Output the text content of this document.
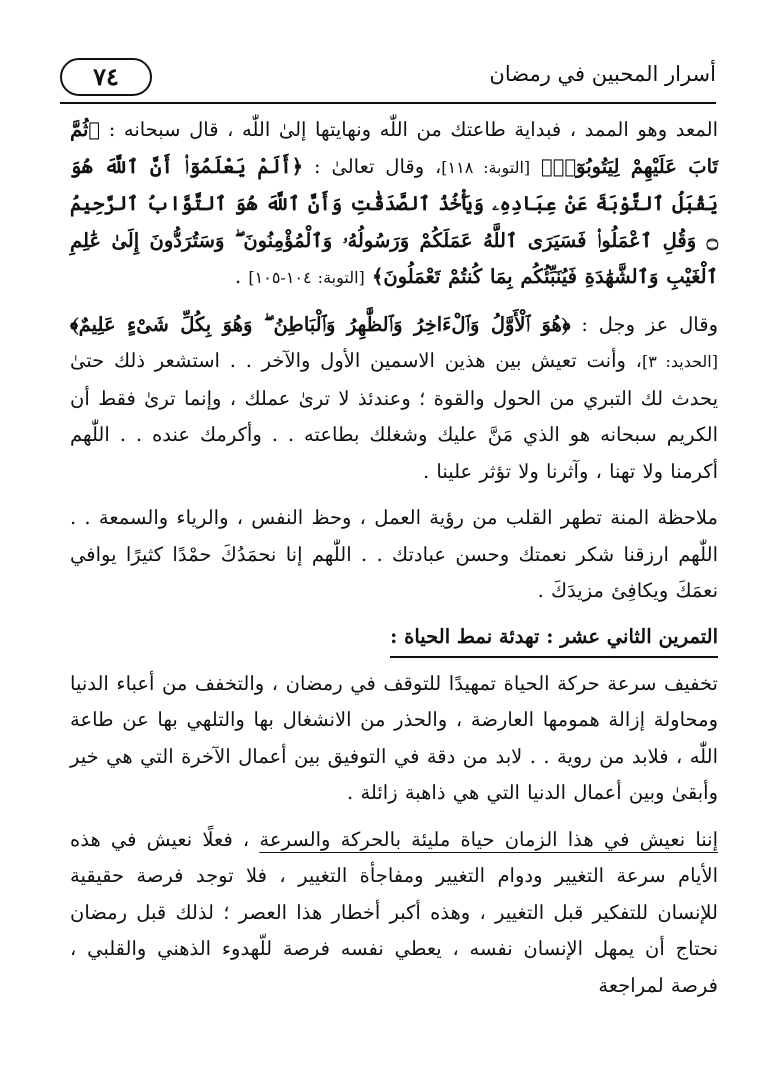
أسرار المحبين في رمضان
٧٤

المعد وهو الممد ، فبداية طاعتك من اللّٰه ونهايتها إلىٰ اللّٰه ، قال سبحانه : ﴿ثُمَّ تَابَ عَلَيْهِمْ لِيَتُوبُوٓا۟﴾ [التوبة: ١١٨]، وقال تعالىٰ : ﴿أَلَمْ يَعْلَمُوٓا۟ أَنَّ ٱللَّهَ هُوَ يَقْبَلُ ٱلتَّوْبَةَ عَنْ عِبَادِهِۦ وَيَأْخُذُ ٱلصَّدَقَٰتِ وَأَنَّ ٱللَّهَ هُوَ ٱلتَّوَّابُ ٱلرَّحِيمُ ۝ وَقُلِ ٱعْمَلُوا۟ فَسَيَرَى ٱللَّهُ عَمَلَكُمْ وَرَسُولُهُۥ وَٱلْمُؤْمِنُونَ ۖ وَسَتُرَدُّونَ إِلَىٰ عَٰلِمِ ٱلْغَيْبِ وَٱلشَّهَٰدَةِ فَيُنَبِّئُكُم بِمَا كُنتُمْ تَعْمَلُونَ﴾ [التوبة: ١٠٤-١٠٥] .

وقال عز وجل : ﴿هُوَ ٱلْأَوَّلُ وَٱلْءَاخِرُ وَٱلظَّٰهِرُ وَٱلْبَاطِنُ ۖ وَهُوَ بِكُلِّ شَىْءٍ عَلِيمٌ﴾ [الحديد: ٣]، وأنت تعيش بين هذين الاسمين الأول والآخر . . استشعر ذلك حتىٰ يحدث لك التبري من الحول والقوة ؛ وعندئذ لا ترىٰ عملك ، وإنما ترىٰ فقط أن الكريم سبحانه هو الذي مَنَّ عليك وشغلك بطاعته . . وأكرمك عنده . . اللّٰهم أكرمنا ولا تهنا ، وآثرنا ولا تؤثر علينا .

ملاحظة المنة تطهر القلب من رؤية العمل ، وحظ النفس ، والرياء والسمعة . . اللّٰهم ارزقنا شكر نعمتك وحسن عبادتك . . اللّٰهم إنا نحمَدُكَ حمْدًا كثيرًا يوافي نعمَكَ ويكافِئ مزيدَكَ .

التمرين الثاني عشر : تهدئة نمط الحياة :

تخفيف سرعة حركة الحياة تمهيدًا للتوقف في رمضان ، والتخفف من أعباء الدنيا ومحاولة إزالة همومها العارضة ، والحذر من الانشغال بها والتلهي بها عن طاعة اللّٰه ، فلابد من روية . . لابد من دقة في التوفيق بين أعمال الآخرة التي هي خير وأبقىٰ وبين أعمال الدنيا التي هي ذاهبة زائلة .

إننا نعيش في هذا الزمان حياة مليئة بالحركة والسرعة ، فعلًا نعيش في هذه الأيام سرعة التغيير ودوام التغيير ومفاجأة التغيير ، فلا توجد فرصة حقيقية للإنسان للتفكير قبل التغيير ، وهذه أكبر أخطار هذا العصر ؛ لذلك قبل رمضان نحتاج أن يمهل الإنسان نفسه ، يعطي نفسه فرصة للّهدوء الذهني والقلبي ، فرصة لمراجعة
